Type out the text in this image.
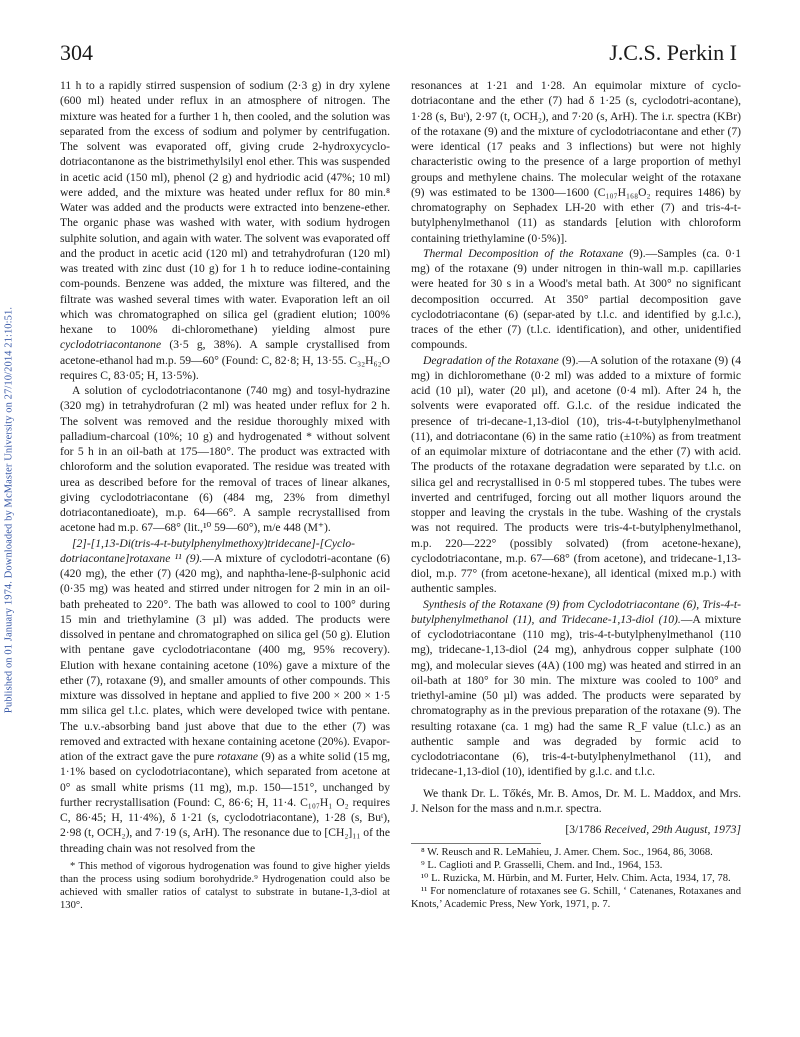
Published on 01 January 1974. Downloaded by McMaster University on 27/10/2014 21:10:51.
304	J.C.S. Perkin I

11 h to a rapidly stirred suspension of sodium (2·3 g) in dry xylene (600 ml) heated under reflux in an atmosphere of nitrogen. The mixture was heated for a further 1 h, then cooled, and the solution was separated from the excess of sodium and polymer by centrifugation. The solvent was evaporated off, giving crude 2-hydroxycyclo-dotriacontanone as the bistrimethylsilyl enol ether. This was suspended in acetic acid (150 ml), phenol (2 g) and hydriodic acid (47%; 10 ml) were added, and the mixture was heated under reflux for 80 min.⁸ Water was added and the products were extracted into benzene-ether. The organic phase was washed with water, with sodium hydrogen sulphite solution, and again with water. The solvent was evaporated off and the product in acetic acid (120 ml) and tetrahydrofuran (120 ml) was treated with zinc dust (10 g) for 1 h to reduce iodine-containing com-pounds. Benzene was added, the mixture was filtered, and the filtrate was washed several times with water. Evaporation left an oil which was chromatographed on silica gel (gradient elution; 100% hexane to 100% di-chloromethane) yielding almost pure cyclodotriacontanone (3·5 g, 38%). A sample crystallised from acetone-ethanol had m.p. 59—60° (Found: C, 82·8; H, 13·55. C₃₂H₆₂O requires C, 83·05; H, 13·5%).

A solution of cyclodotriacontanone (740 mg) and tosyl-hydrazine (320 mg) in tetrahydrofuran (2 ml) was heated under reflux for 2 h. The solvent was removed and the residue thoroughly mixed with palladium-charcoal (10%; 10 g) and hydrogenated * without solvent for 5 h in an oil-bath at 175—180°. The product was extracted with chloroform and the solution evaporated. The residue was treated with urea as described before for the removal of traces of linear alkanes, giving cyclodotriacontane (6) (484 mg, 23% from dimethyl dotriacontanedioate), m.p. 64—66°. A sample recrystallised from acetone had m.p. 67—68° (lit.,¹⁰ 59—60°), m/e 448 (M⁺).

[2]-[1,13-Di(tris-4-t-butylphenylmethoxy)tridecane]-[Cyclo-dotriacontane]rotaxane ¹¹ (9).—A mixture of cyclodotri-acontane (6) (420 mg), the ether (7) (420 mg), and naphtha-lene-β-sulphonic acid (0·35 mg) was heated and stirred under nitrogen for 2 min in an oil-bath preheated to 220°. The bath was allowed to cool to 100° during 15 min and triethylamine (3 µl) was added. The products were dissolved in pentane and chromatographed on silica gel (50 g). Elution with pentane gave cyclodotriacontane (400 mg, 95% recovery). Elution with hexane containing acetone (10%) gave a mixture of the ether (7), rotaxane (9), and smaller amounts of other compounds. This mixture was dissolved in heptane and applied to five 200 × 200 × 1·5 mm silica gel t.l.c. plates, which were developed twice with pentane. The u.v.-absorbing band just above that due to the ether (7) was removed and extracted with hexane containing acetone (20%). Evapor-ation of the extract gave the pure rotaxane (9) as a white solid (15 mg, 1·1% based on cyclodotriacontane), which separated from acetone at 0° as small white prisms (11 mg), m.p. 150—151°, unchanged by further recrystallisation (Found: C, 86·6; H, 11·4. C₁₀₇H₁ O₂ requires C, 86·45; H, 11·4%), δ 1·21 (s, cyclodotriacontane), 1·28 (s, Buᵗ), 2·98 (t, OCH₂), and 7·19 (s, ArH). The resonance due to [CH₂]₁₁ of the threading chain was not resolved from the

* This method of vigorous hydrogenation was found to give higher yields than the process using sodium borohydride.⁹ Hydrogenation could also be achieved with smaller ratios of catalyst to substrate in butane-1,3-diol at 130°.

resonances at 1·21 and 1·28. An equimolar mixture of cyclo-dotriacontane and the ether (7) had δ 1·25 (s, cyclodotri-acontane), 1·28 (s, Buᵗ), 2·97 (t, OCH₂), and 7·20 (s, ArH). The i.r. spectra (KBr) of the rotaxane (9) and the mixture of cyclodotriacontane and ether (7) were identical (17 peaks and 3 inflections) but were not highly characteristic owing to the presence of a large proportion of methyl groups and methylene chains. The molecular weight of the rotaxane (9) was estimated to be 1300—1600 (C₁₀₇H₁₆₈O₂ requires 1486) by chromatography on Sephadex LH-20 with ether (7) and tris-4-t-butylphenylmethanol (11) as standards [elution with chloroform containing triethylamine (0·5%)].

Thermal Decomposition of the Rotaxane (9).—Samples (ca. 0·1 mg) of the rotaxane (9) under nitrogen in thin-wall m.p. capillaries were heated for 30 s in a Wood's metal bath. At 300° no significant decomposition occurred. At 350° partial decomposition gave cyclodotriacontane (6) (separ-ated by t.l.c. and identified by g.l.c.), traces of the ether (7) (t.l.c. identification), and other, unidentified compounds.

Degradation of the Rotaxane (9).—A solution of the rotaxane (9) (4 mg) in dichloromethane (0·2 ml) was added to a mixture of formic acid (10 µl), water (20 µl), and acetone (0·4 ml). After 24 h, the solvents were evaporated off. G.l.c. of the residue indicated the presence of tri-decane-1,13-diol (10), tris-4-t-butylphenylmethanol (11), and dotriacontane (6) in the same ratio (±10%) as from treatment of an equimolar mixture of dotriacontane and the ether (7) with acid. The products of the rotaxane degradation were separated by t.l.c. on silica gel and recrystallised in 0·5 ml stoppered tubes. The tubes were inverted and centrifuged, forcing out all mother liquors around the stopper and leaving the crystals in the tube. Washing of the crystals was not required. The products were tris-4-t-butylphenylmethanol, m.p. 220—222° (possibly solvated) (from acetone-hexane), cyclodotriacontane, m.p. 67—68° (from acetone), and tridecane-1,13-diol, m.p. 77° (from acetone-hexane), all identical (mixed m.p.) with authentic samples.

Synthesis of the Rotaxane (9) from Cyclodotriacontane (6), Tris-4-t-butylphenylmethanol (11), and Tridecane-1,13-diol (10).—A mixture of cyclodotriacontane (110 mg), tris-4-t-butylphenylmethanol (110 mg), tridecane-1,13-diol (24 mg), anhydrous copper sulphate (100 mg), and molecular sieves (4A) (100 mg) was heated and stirred in an oil-bath at 180° for 30 min. The mixture was cooled to 100° and triethyl-amine (50 µl) was added. The products were separated by chromatography as in the previous preparation of the rotaxane (9). The resulting rotaxane (ca. 1 mg) had the same R_F value (t.l.c.) as an authentic sample and was degraded by formic acid to cyclodotriacontane (6), tris-4-t-butylphenylmethanol (11), and tridecane-1,13-diol (10), identified by g.l.c. and t.l.c.

We thank Dr. L. Tőkés, Mr. B. Amos, Dr. M. L. Maddox, and Mrs. J. Nelson for the mass and n.m.r. spectra.

[3/1786 Received, 29th August, 1973]

⁸ W. Reusch and R. LeMahieu, J. Amer. Chem. Soc., 1964, 86, 3068.

⁹ L. Caglioti and P. Grasselli, Chem. and Ind., 1964, 153.

¹⁰ L. Ruzicka, M. Hürbin, and M. Furter, Helv. Chim. Acta, 1934, 17, 78.

¹¹ For nomenclature of rotaxanes see G. Schill, ‘ Catenanes, Rotaxanes and Knots,’ Academic Press, New York, 1971, p. 7.
